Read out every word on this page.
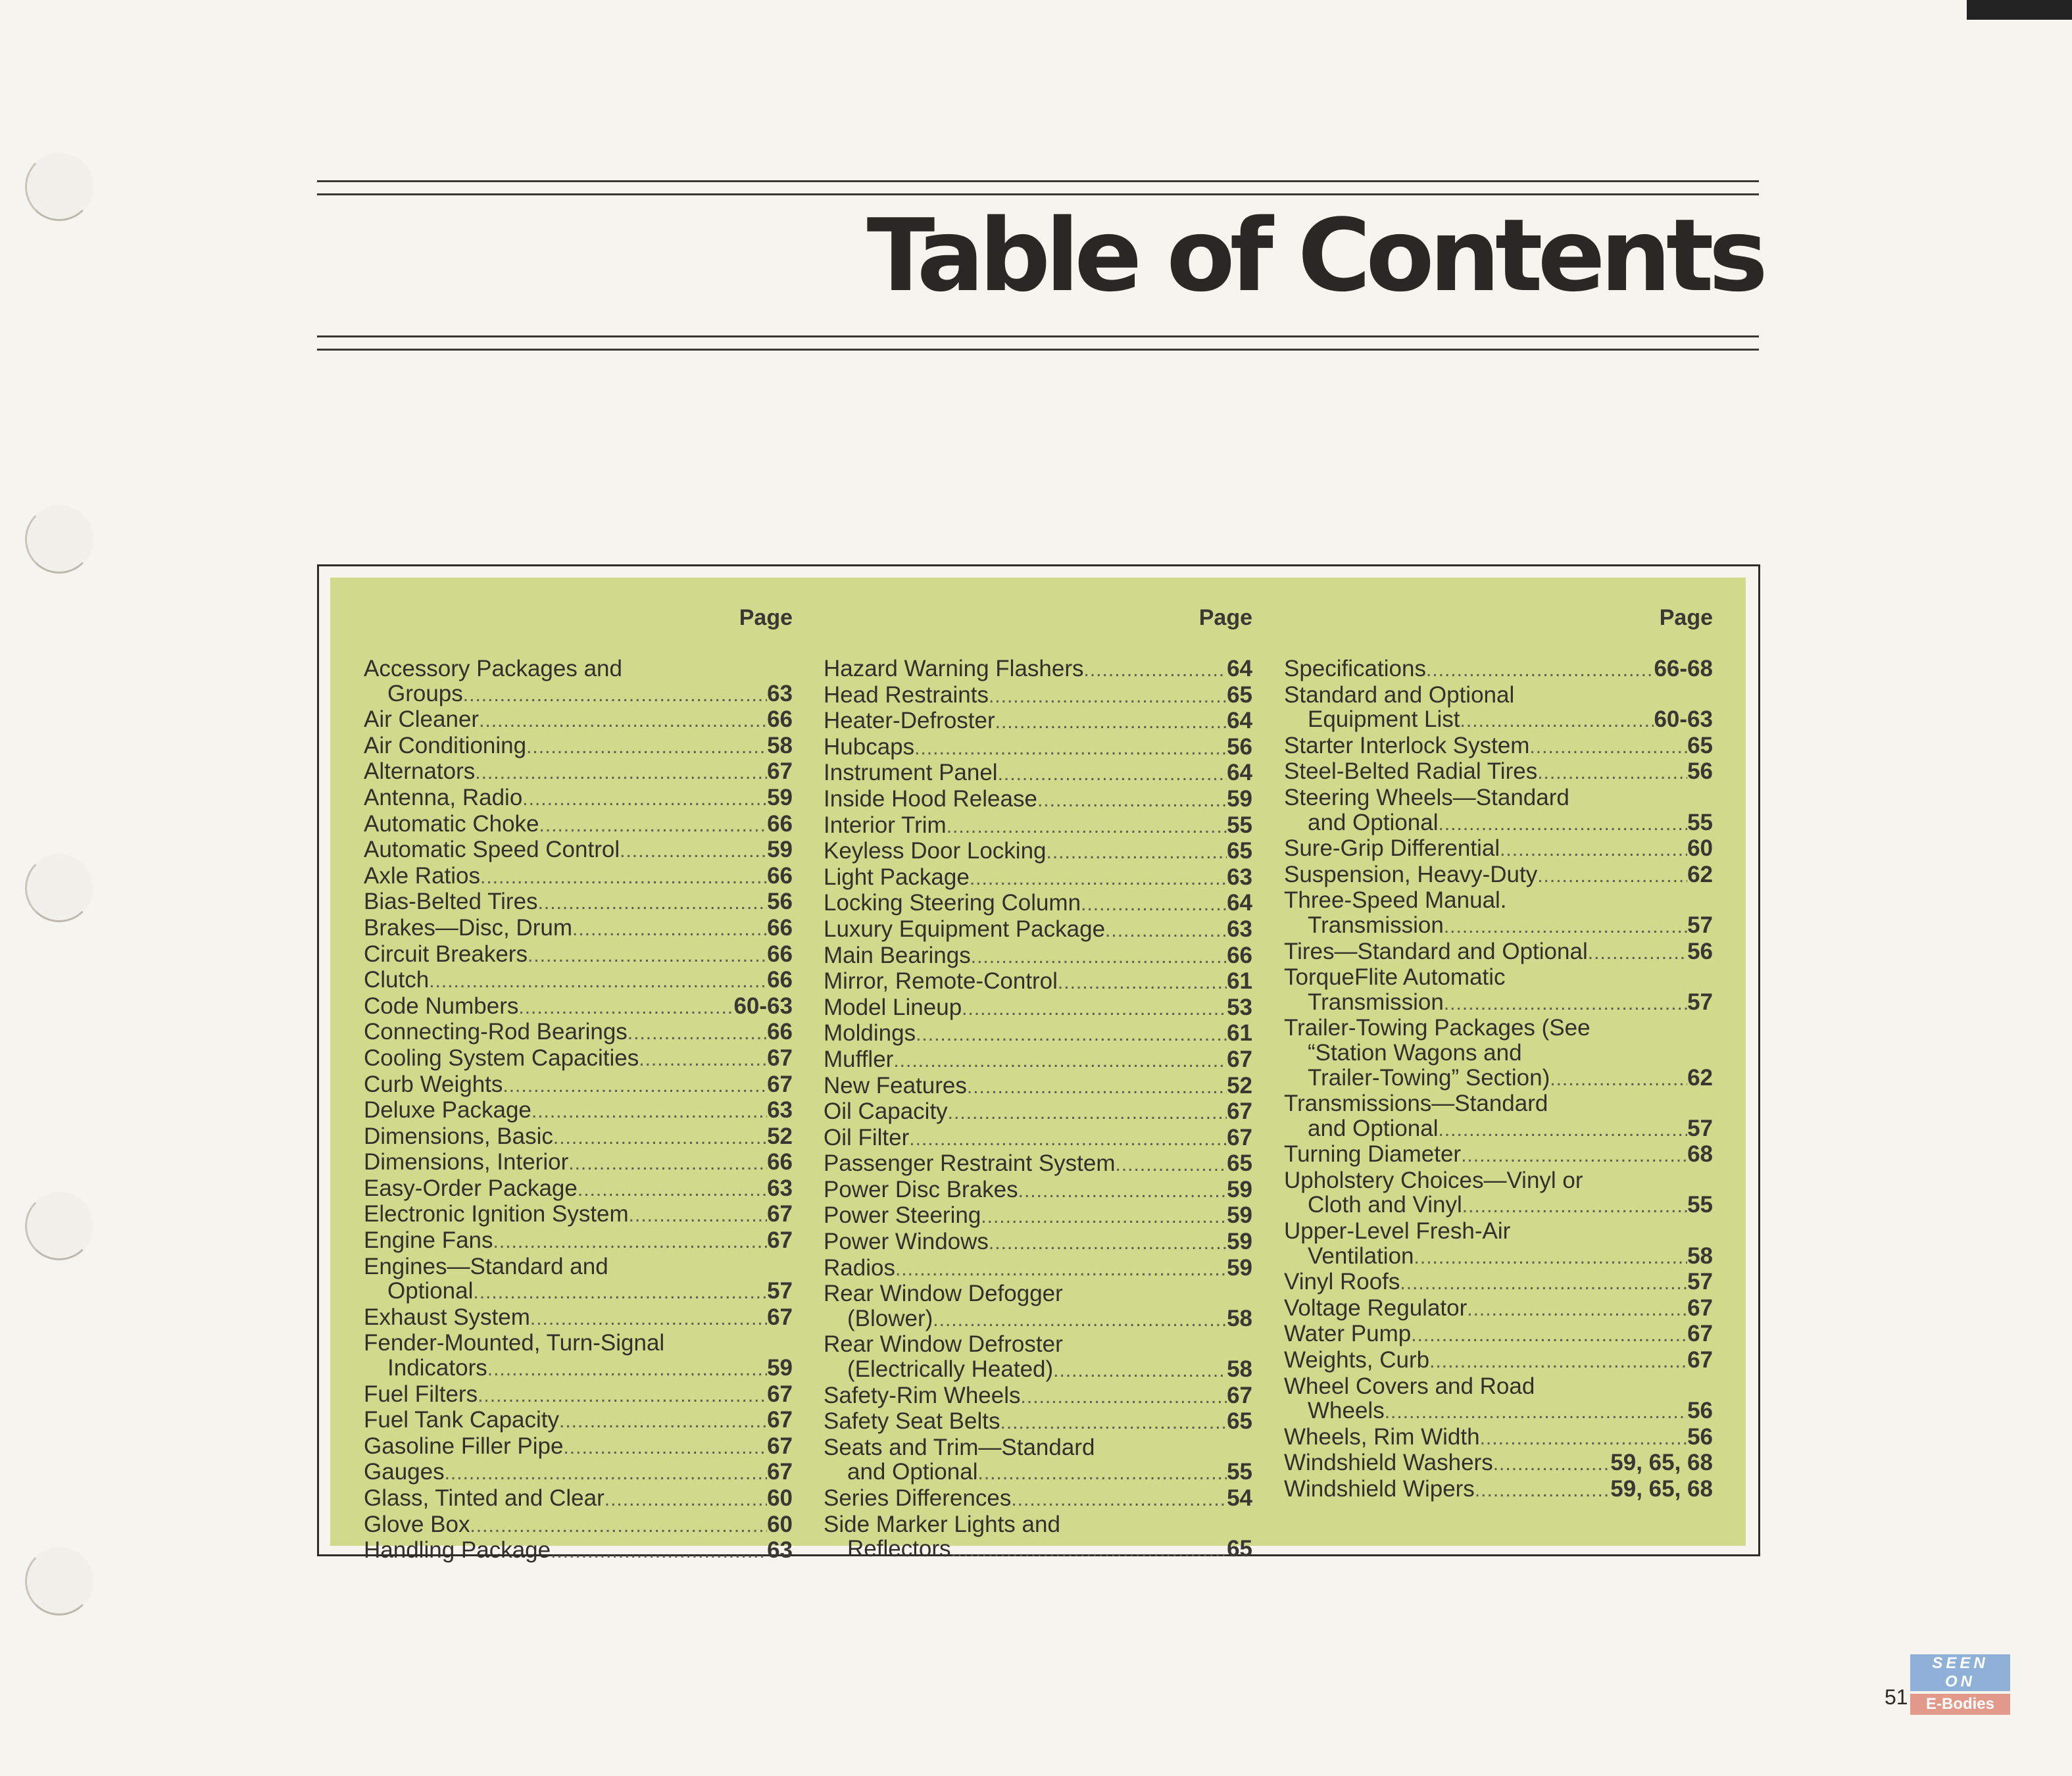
Table of Contents
Page
Accessory Packages and
Groups .....	63
Air Cleaner .....	66
Air Conditioning .....	58
Alternators .....	67
Antenna, Radio .....	59
Automatic Choke .....	66
Automatic Speed Control .....	59
Axle Ratios .....	66
Bias-Belted Tires .....	56
Brakes—Disc, Drum .....	66
Circuit Breakers .....	66
Clutch .....	66
Code Numbers .....	60-63
Connecting-Rod Bearings .....	66
Cooling System Capacities .....	67
Curb Weights .....	67
Deluxe Package .....	63
Dimensions, Basic .....	52
Dimensions, Interior .....	66
Easy-Order Package .....	63
Electronic Ignition System .....	67
Engine Fans .....	67
Engines—Standard and
Optional .....	57
Exhaust System .....	67
Fender-Mounted, Turn-Signal
Indicators .....	59
Fuel Filters .....	67
Fuel Tank Capacity .....	67
Gasoline Filler Pipe .....	67
Gauges .....	67
Glass, Tinted and Clear .....	60
Glove Box .....	60
Handling Package .....	63
Page
Hazard Warning Flashers .....	64
Head Restraints .....	65
Heater-Defroster .....	64
Hubcaps .....	56
Instrument Panel .....	64
Inside Hood Release .....	59
Interior Trim .....	55
Keyless Door Locking .....	65
Light Package .....	63
Locking Steering Column .....	64
Luxury Equipment Package .....	63
Main Bearings .....	66
Mirror, Remote-Control .....	61
Model Lineup .....	53
Moldings .....	61
Muffler .....	67
New Features .....	52
Oil Capacity .....	67
Oil Filter .....	67
Passenger Restraint System .....	65
Power Disc Brakes .....	59
Power Steering .....	59
Power Windows .....	59
Radios .....	59
Rear Window Defogger
(Blower) .....	58
Rear Window Defroster
(Electrically Heated) .....	58
Safety-Rim Wheels .....	67
Safety Seat Belts .....	65
Seats and Trim—Standard
and Optional .....	55
Series Differences .....	54
Side Marker Lights and
Reflectors .....	65
Page
Specifications .....	66-68
Standard and Optional
Equipment List .....	60-63
Starter Interlock System .....	65
Steel-Belted Radial Tires .....	56
Steering Wheels—Standard
and Optional .....	55
Sure-Grip Differential .....	60
Suspension, Heavy-Duty .....	62
Three-Speed Manual.
Transmission .....	57
Tires—Standard and Optional .....	56
TorqueFlite Automatic
Transmission .....	57
Trailer-Towing Packages (See
“Station Wagons and
Trailer-Towing” Section) .....	62
Transmissions—Standard
and Optional .....	57
Turning Diameter .....	68
Upholstery Choices—Vinyl or
Cloth and Vinyl .....	55
Upper-Level Fresh-Air
Ventilation .....	58
Vinyl Roofs .....	57
Voltage Regulator .....	67
Water Pump .....	67
Weights, Curb .....	67
Wheel Covers and Road
Wheels .....	56
Wheels, Rim Width .....	56
Windshield Washers .....	59, 65, 68
Windshield Wipers .....	59, 65, 68
51
SEEN ON
E-Bodies
